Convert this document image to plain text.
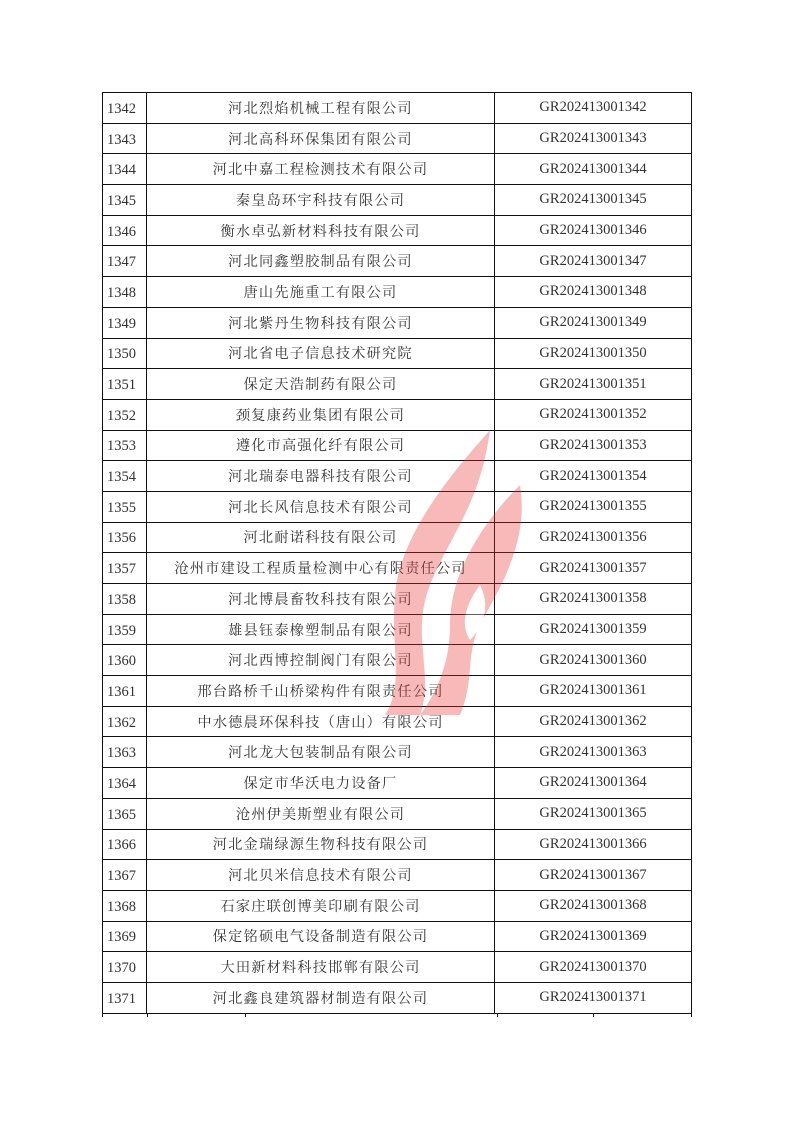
1342	河北烈焰机械工程有限公司	GR202413001342
1343	河北高科环保集团有限公司	GR202413001343
1344	河北中嘉工程检测技术有限公司	GR202413001344
1345	秦皇岛环宇科技有限公司	GR202413001345
1346	衡水卓弘新材料科技有限公司	GR202413001346
1347	河北同鑫塑胶制品有限公司	GR202413001347
1348	唐山先施重工有限公司	GR202413001348
1349	河北紫丹生物科技有限公司	GR202413001349
1350	河北省电子信息技术研究院	GR202413001350
1351	保定天浩制药有限公司	GR202413001351
1352	颈复康药业集团有限公司	GR202413001352
1353	遵化市高强化纤有限公司	GR202413001353
1354	河北瑞泰电器科技有限公司	GR202413001354
1355	河北长风信息技术有限公司	GR202413001355
1356	河北耐诺科技有限公司	GR202413001356
1357	沧州市建设工程质量检测中心有限责任公司	GR202413001357
1358	河北博晨畜牧科技有限公司	GR202413001358
1359	雄县钰泰橡塑制品有限公司	GR202413001359
1360	河北西博控制阀门有限公司	GR202413001360
1361	邢台路桥千山桥梁构件有限责任公司	GR202413001361
1362	中水德晨环保科技（唐山）有限公司	GR202413001362
1363	河北龙大包装制品有限公司	GR202413001363
1364	保定市华沃电力设备厂	GR202413001364
1365	沧州伊美斯塑业有限公司	GR202413001365
1366	河北金瑞绿源生物科技有限公司	GR202413001366
1367	河北贝米信息技术有限公司	GR202413001367
1368	石家庄联创博美印刷有限公司	GR202413001368
1369	保定铭硕电气设备制造有限公司	GR202413001369
1370	大田新材料科技邯郸有限公司	GR202413001370
1371	河北鑫良建筑器材制造有限公司	GR202413001371
